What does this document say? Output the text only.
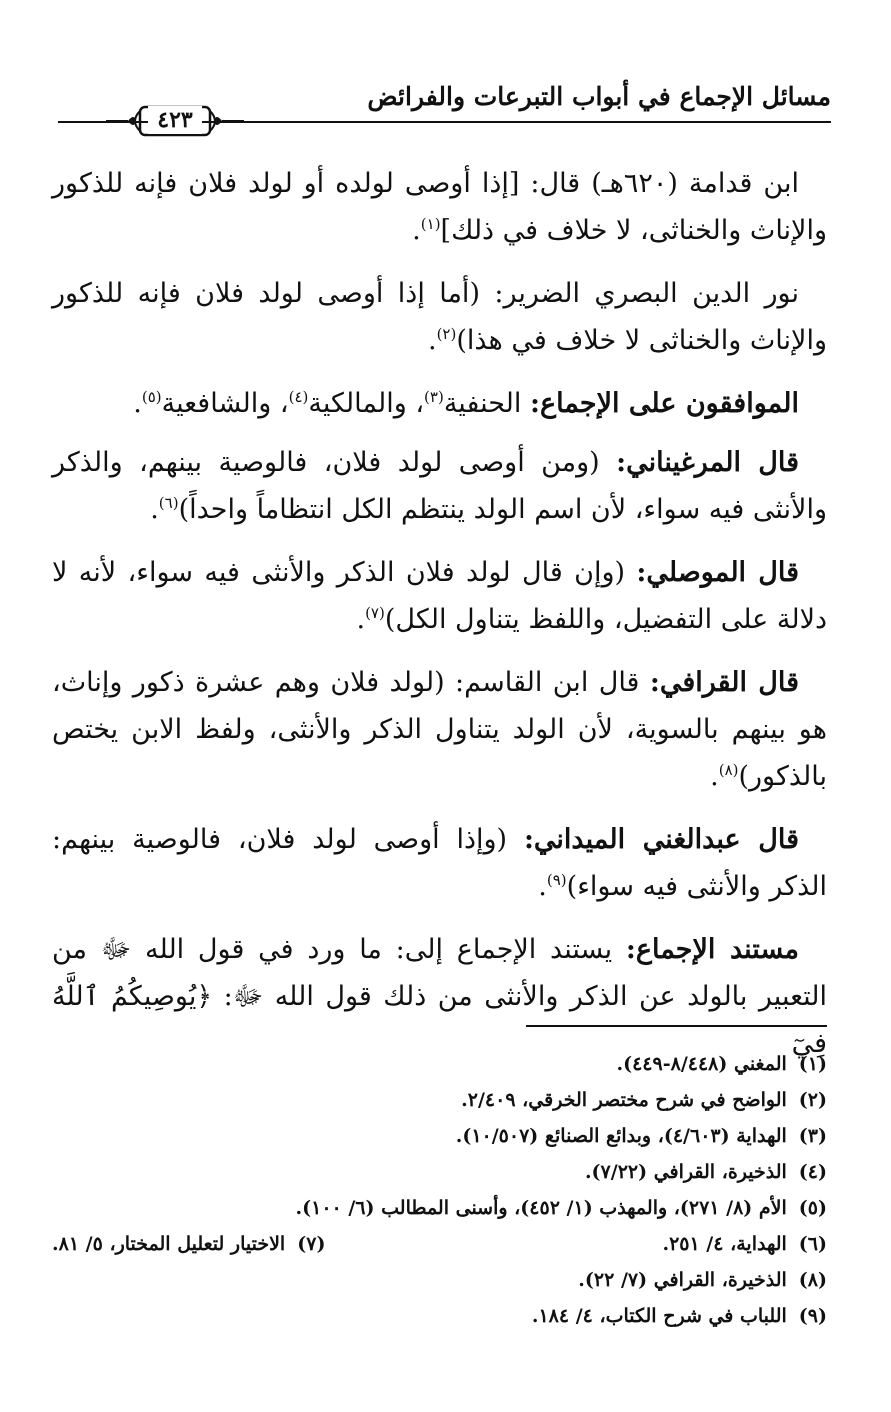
مسائل الإجماع في أبواب التبرعات والفرائض
٤٢٣

ابن قدامة (٦٢٠هـ) قال: [إذا أوصى لولده أو لولد فلان فإنه للذكور والإناث والخناثى، لا خلاف في ذلك]$^{(١)}$.

نور الدين البصري الضرير: (أما إذا أوصى لولد فلان فإنه للذكور والإناث والخناثى لا خلاف في هذا)$^{(٢)}$.

الموافقون على الإجماع: الحنفية$^{(٣)}$، والمالكية$^{(٤)}$، والشافعية$^{(٥)}$.

قال المرغيناني: (ومن أوصى لولد فلان، فالوصية بينهم، والذكر والأنثى فيه سواء، لأن اسم الولد ينتظم الكل انتظاماً واحداً)$^{(٦)}$.

قال الموصلي: (وإن قال لولد فلان الذكر والأنثى فيه سواء، لأنه لا دلالة على التفضيل، واللفظ يتناول الكل)$^{(٧)}$.

قال القرافي: قال ابن القاسم: (لولد فلان وهم عشرة ذكور وإناث، هو بينهم بالسوية، لأن الولد يتناول الذكر والأنثى، ولفظ الابن يختص بالذكور)$^{(٨)}$.

قال عبدالغني الميداني: (وإذا أوصى لولد فلان، فالوصية بينهم: الذكر والأنثى فيه سواء)$^{(٩)}$.

مستند الإجماع: يستند الإجماع إلى: ما ورد في قول الله ﷻ من التعبير بالولد عن الذكر والأنثى من ذلك قول الله ﷻ: ﴿يُوصِيكُمُ ٱللَّهُ فِيٓ

(١)المغني (٨/٤٤٨-٤٤٩).
(٢)الواضح في شرح مختصر الخرقي، ٢/٤٠٩.
(٣)الهداية (٤/٦٠٣)، وبدائع الصنائع (١٠/٥٠٧).
(٤)الذخيرة، القرافي (٧/٢٢).
(٥)الأم (٨/ ٢٧١)، والمهذب (١/ ٤٥٢)، وأسنى المطالب (٦/ ١٠٠).
(٦)الهداية، ٤/ ٢٥١.
(٧)الاختيار لتعليل المختار، ٥/ ٨١.
(٨)الذخيرة، القرافي (٧/ ٢٢).
(٩)اللباب في شرح الكتاب، ٤/ ١٨٤.
